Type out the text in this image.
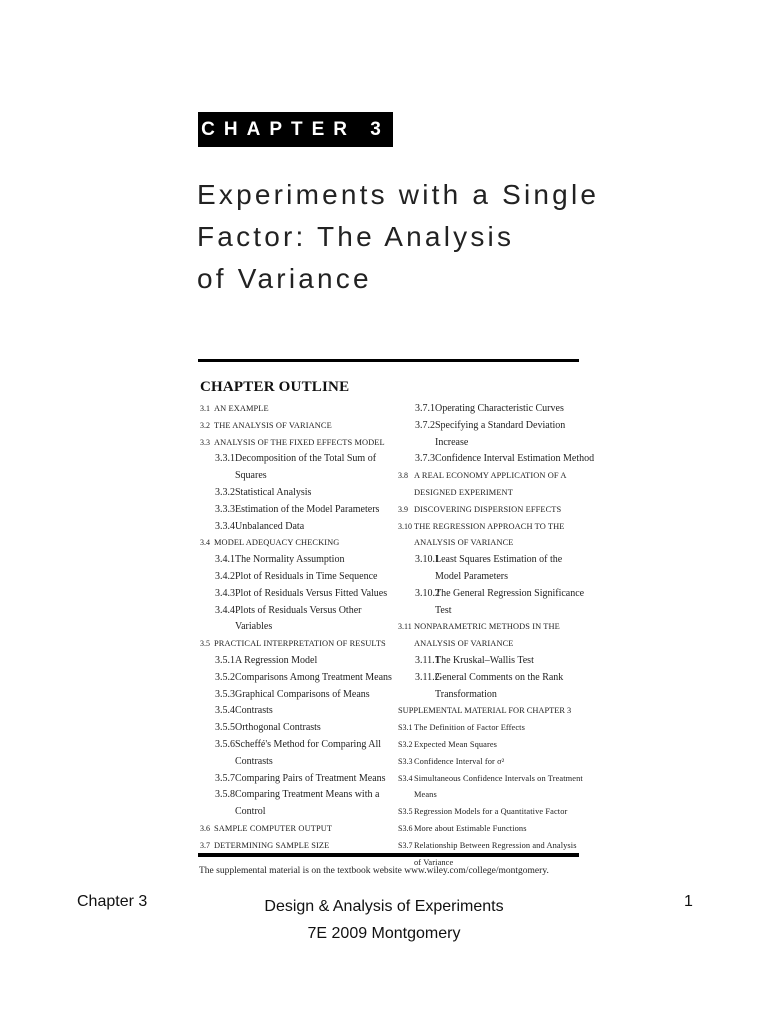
CHAPTER 3
Experiments with a Single
Factor: The Analysis
of Variance
CHAPTER OUTLINE
3.1 AN EXAMPLE
3.2 THE ANALYSIS OF VARIANCE
3.3 ANALYSIS OF THE FIXED EFFECTS MODEL
3.3.1 Decomposition of the Total Sum of
Squares
3.3.2 Statistical Analysis
3.3.3 Estimation of the Model Parameters
3.3.4 Unbalanced Data
3.4 MODEL ADEQUACY CHECKING
3.4.1 The Normality Assumption
3.4.2 Plot of Residuals in Time Sequence
3.4.3 Plot of Residuals Versus Fitted Values
3.4.4 Plots of Residuals Versus Other Variables
3.5 PRACTICAL INTERPRETATION OF RESULTS
3.5.1 A Regression Model
3.5.2 Comparisons Among Treatment Means
3.5.3 Graphical Comparisons of Means
3.5.4 Contrasts
3.5.5 Orthogonal Contrasts
3.5.6 Scheffé's Method for Comparing All
Contrasts
3.5.7 Comparing Pairs of Treatment Means
3.5.8 Comparing Treatment Means with a
Control
3.6 SAMPLE COMPUTER OUTPUT
3.7 DETERMINING SAMPLE SIZE
3.7.1 Operating Characteristic Curves
3.7.2 Specifying a Standard Deviation Increase
3.7.3 Confidence Interval Estimation Method
3.8 A REAL ECONOMY APPLICATION OF A
DESIGNED EXPERIMENT
3.9 DISCOVERING DISPERSION EFFECTS
3.10 THE REGRESSION APPROACH TO THE
ANALYSIS OF VARIANCE
3.10.1
Least Squares Estimation of the
Model Parameters
3.10.2
The General Regression Significance Test
3.11 NONPARAMETRIC METHODS IN THE
ANALYSIS OF VARIANCE
3.11.1
The Kruskal–Wallis Test
3.11.2
General Comments on the Rank
Transformation
SUPPLEMENTAL MATERIAL FOR CHAPTER 3
S3.1 The Definition of Factor Effects
S3.2 Expected Mean Squares
S3.3 Confidence Interval for σ²
S3.4 Simultaneous Confidence Intervals on Treatment
Means
S3.5 Regression Models for a Quantitative Factor
S3.6 More about Estimable Functions
S3.7 Relationship Between Regression and Analysis
of Variance
The supplemental material is on the textbook website www.wiley.com/college/montgomery.
Chapter 3	Design & Analysis of Experiments
7E 2009 Montgomery
1
